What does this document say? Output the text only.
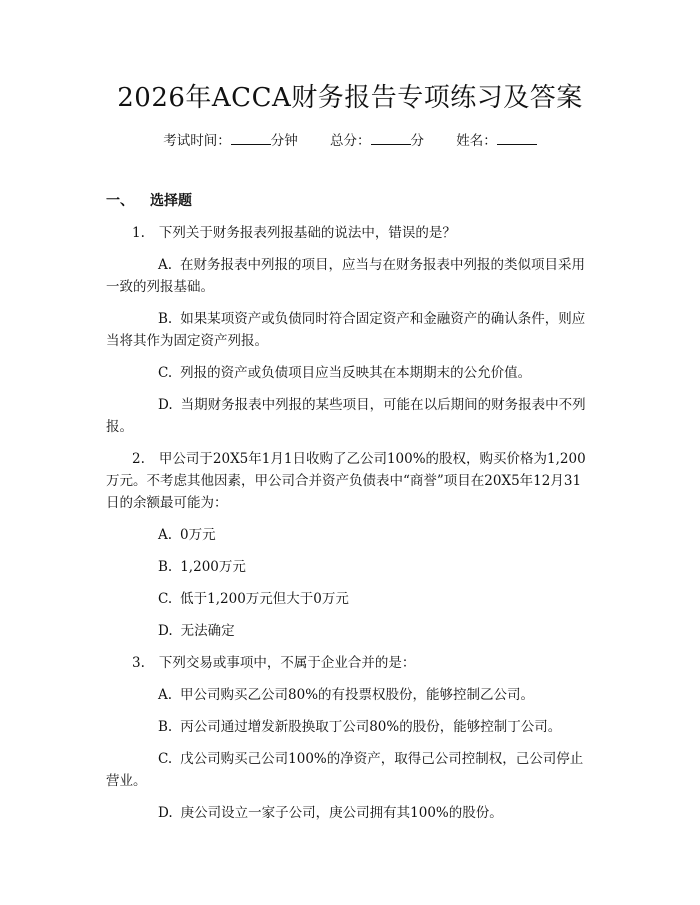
2026年ACCA财务报告专项练习及答案
考试时间：	分钟 总分：	分 姓名：
一、 选择题

1. 下列关于财务报表列报基础的说法中，错误的是？

A. 在财务报表中列报的项目，应当与在财务报表中列报的类似项目采用一致的列报基础。

B. 如果某项资产或负债同时符合固定资产和金融资产的确认条件，则应当将其作为固定资产列报。

C. 列报的资产或负债项目应当反映其在本期期末的公允价值。

D. 当期财务报表中列报的某些项目，可能在以后期间的财务报表中不列报。

2. 甲公司于20X5年1月1日收购了乙公司100%的股权，购买价格为1,200万元。不考虑其他因素，甲公司合并资产负债表中“商誉”项目在20X5年12月31日的余额最可能为：

A. 0万元

B. 1,200万元

C. 低于1,200万元但大于0万元

D. 无法确定

3. 下列交易或事项中，不属于企业合并的是：

A. 甲公司购买乙公司80%的有投票权股份，能够控制乙公司。

B. 丙公司通过增发新股换取丁公司80%的股份，能够控制丁公司。

C. 戊公司购买己公司100%的净资产，取得己公司控制权，己公司停止营业。

D. 庚公司设立一家子公司，庚公司拥有其100%的股份。
